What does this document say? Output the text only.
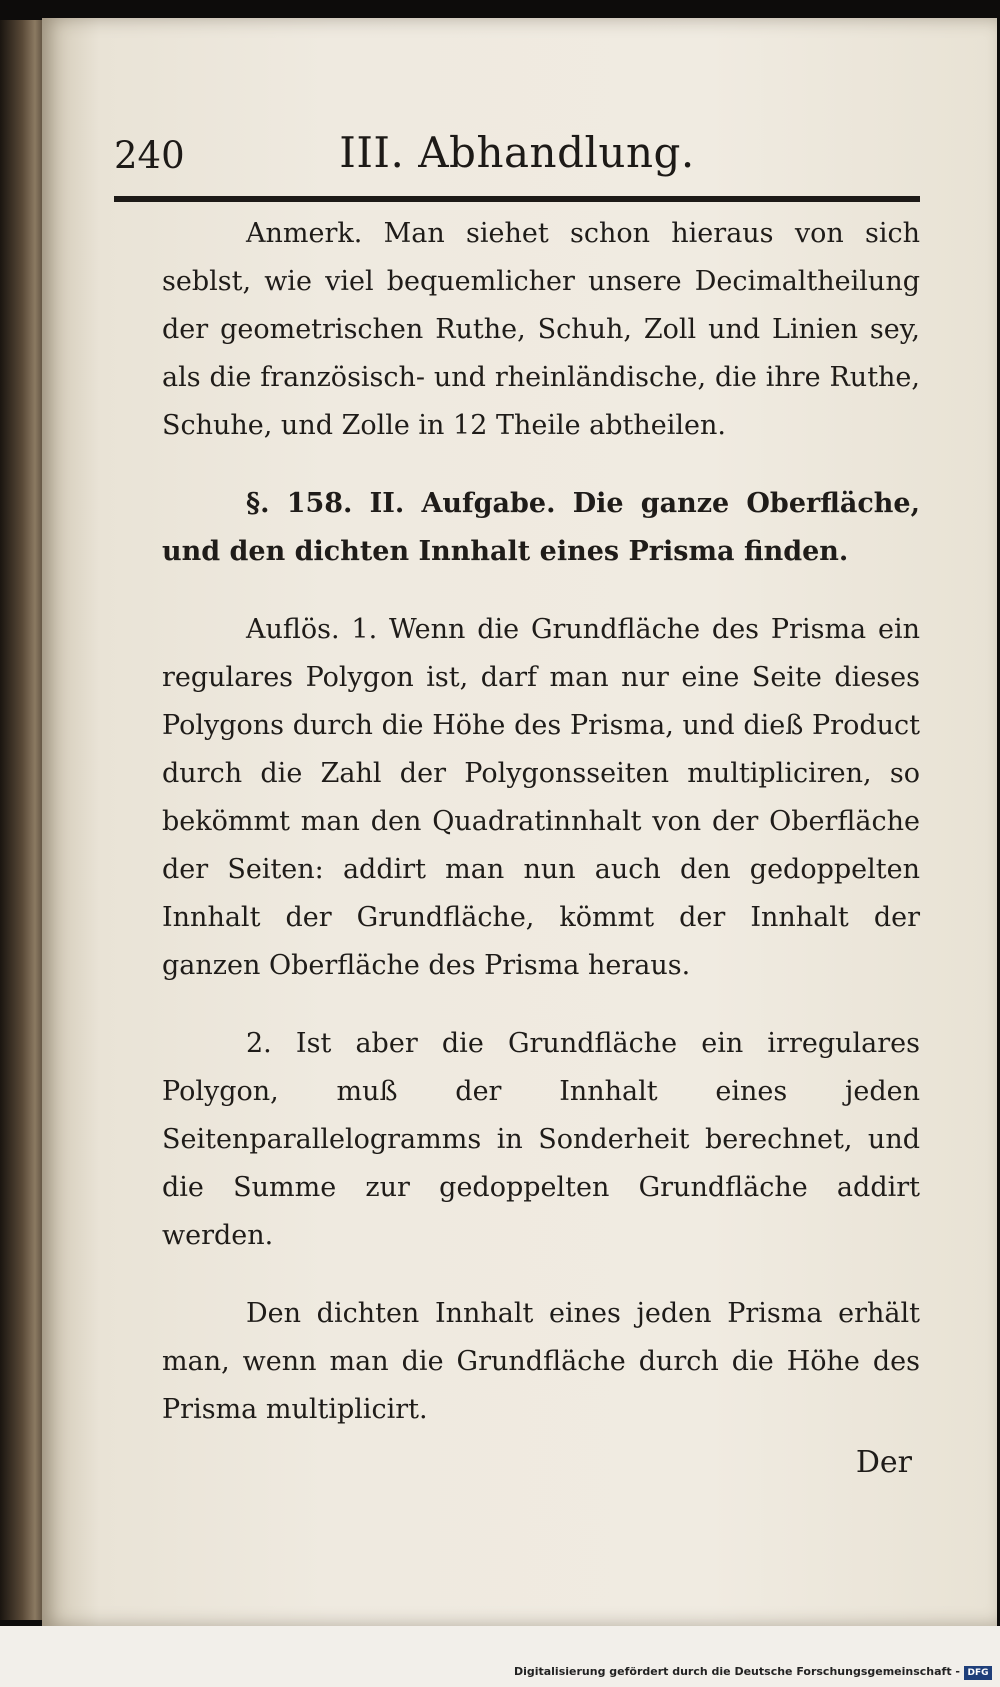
240	III. Abhandlung.

Anmerk. Man siehet schon hieraus von sich seblst, wie viel bequemlicher unsere Decimaltheilung der geometrischen Ruthe, Schuh, Zoll und Linien sey, als die französisch- und rheinländische, die ihre Ruthe, Schuhe, und Zolle in 12 Theile abtheilen.

§. 158. II. Aufgabe. Die ganze Oberfläche, und den dichten Innhalt eines Prisma finden.

Auflös. 1. Wenn die Grundfläche des Prisma ein regulares Polygon ist, darf man nur eine Seite dieses Polygons durch die Höhe des Prisma, und dieß Product durch die Zahl der Polygonsseiten multipliciren, so bekömmt man den Quadratinnhalt von der Oberfläche der Seiten: addirt man nun auch den gedoppelten Innhalt der Grundfläche, kömmt der Innhalt der ganzen Oberfläche des Prisma heraus.

2. Ist aber die Grundfläche ein irregulares Polygon, muß der Innhalt eines jeden Seitenparallelogramms in Sonderheit berechnet, und die Summe zur gedoppelten Grundfläche addirt werden.

Den dichten Innhalt eines jeden Prisma erhält man, wenn man die Grundfläche durch die Höhe des Prisma multiplicirt.

Der
Digitalisierung gefördert durch die Deutsche Forschungsgemeinschaft - DFG
